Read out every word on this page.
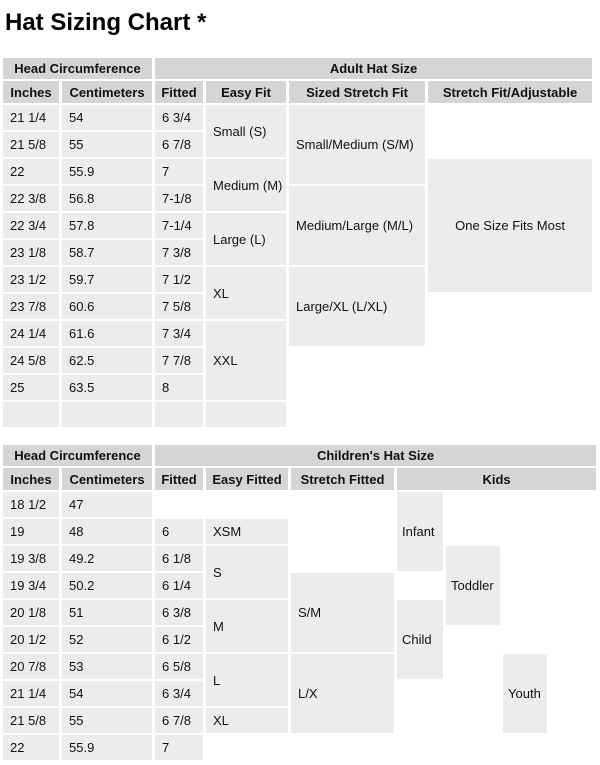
Hat Sizing Chart *
Head Circumference		Adult Hat Size			
Inches	Centimeters	Fitted	Easy Fit	Sized Stretch Fit	Stretch Fit/Adjustable
21 1/4	54	6 3/4	Small (S)	Small/Medium (S/M)	
21 5/8	55	6 7/8			
22	55.9	7	Medium (M)		One Size Fits Most
22 3/8	56.8	7-1/8		Medium/Large (M/L)	
22 3/4	57.8	7-1/4	Large (L)		
23 1/8	58.7	7 3/8			
23 1/2	59.7	7 1/2	XL	Large/XL (L/XL)	
23 7/8	60.6	7 5/8			
24 1/4	61.6	7 3/4	XXL		
24 5/8	62.5	7 7/8			
25	63.5	8			

Head Circumference		Children's Hat Size						
Inches	Centimeters	Fitted	Easy Fitted	Stretch Fitted	Kids			
18 1/2	47				Infant			
19	48	6	XSM					
19 3/8	49.2	6 1/8	S			Toddler		
19 3/4	50.2	6 1/4		S/M				
20 1/8	51	6 3/8	M		Child			
20 1/2	52	6 1/2						
20 7/8	53	6 5/8	L	L/X			Youth	
21 1/4	54	6 3/4						
21 5/8	55	6 7/8	XL					
22	55.9	7						
